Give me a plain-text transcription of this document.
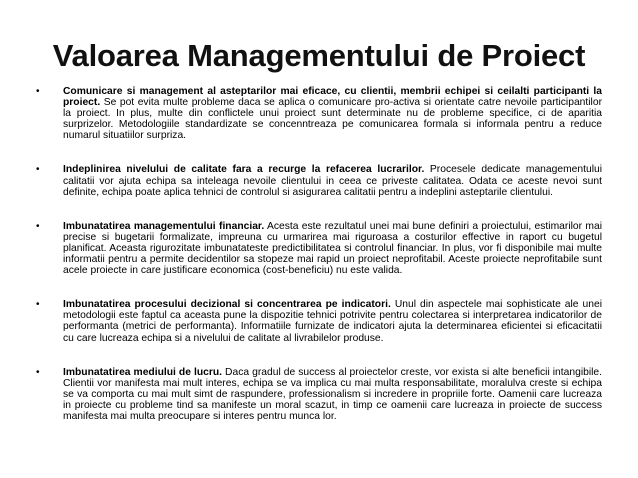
Valoarea Managementului de Proiect
• Comunicare si management al asteptarilor mai eficace, cu clientii, membrii echipei si ceilalti participanti la proiect. Se pot evita multe probleme daca se aplica o comunicare pro-activa si orientate catre nevoile participantilor la proiect. In plus, multe din conflictele unui proiect sunt determinate nu de probleme specifice, ci de aparitia surprizelor. Metodologiile standardizate se concenntreaza pe comunicarea formala si informala pentru a reduce numarul situatiilor surpriza.
• Indeplinirea nivelului de calitate fara a recurge la refacerea lucrarilor. Procesele dedicate managementului calitatii vor ajuta echipa sa inteleaga nevoile clientului in ceea ce priveste calitatea. Odata ce aceste nevoi sunt definite, echipa poate aplica tehnici de controlul si asigurarea calitatii pentru a indeplini asteptarile clientului.
• Imbunatatirea managementului financiar. Acesta este rezultatul unei mai bune definiri a proiectului, estimarilor mai precise si bugetarii formalizate, impreuna cu urmarirea mai riguroasa a costurilor effective in raport cu bugetul planificat. Aceasta rigurozitate imbunatateste predictibilitatea si controlul financiar. In plus, vor fi disponibile mai multe informatii pentru a permite decidentilor sa stopeze mai rapid un proiect neprofitabil. Aceste proiecte neprofitabile sunt acele proiecte in care justificare economica (cost-beneficiu) nu este valida.
• Imbunatatirea procesului decizional si concentrarea pe indicatori. Unul din aspectele mai sophisticate ale unei metodologii este faptul ca aceasta pune la dispozitie tehnici potrivite pentru colectarea si interpretarea indicatorilor de performanta (metrici de performanta). Informatiile furnizate de indicatori ajuta la determinarea eficientei si eficacitatii cu care lucreaza echipa si a nivelului de calitate al livrabilelor produse.
• Imbunatatirea mediului de lucru. Daca gradul de success al proiectelor creste, vor exista si alte beneficii intangibile. Clientii vor manifesta mai mult interes, echipa se va implica cu mai multa responsabilitate, moralulva creste si echipa se va comporta cu mai mult simt de raspundere, professionalism si incredere in propriile forte. Oamenii care lucreaza in proiecte cu probleme tind sa manifeste un moral scazut, in timp ce oamenii care lucreaza in proiecte de success manifesta mai multa preocupare si interes pentru munca lor.
